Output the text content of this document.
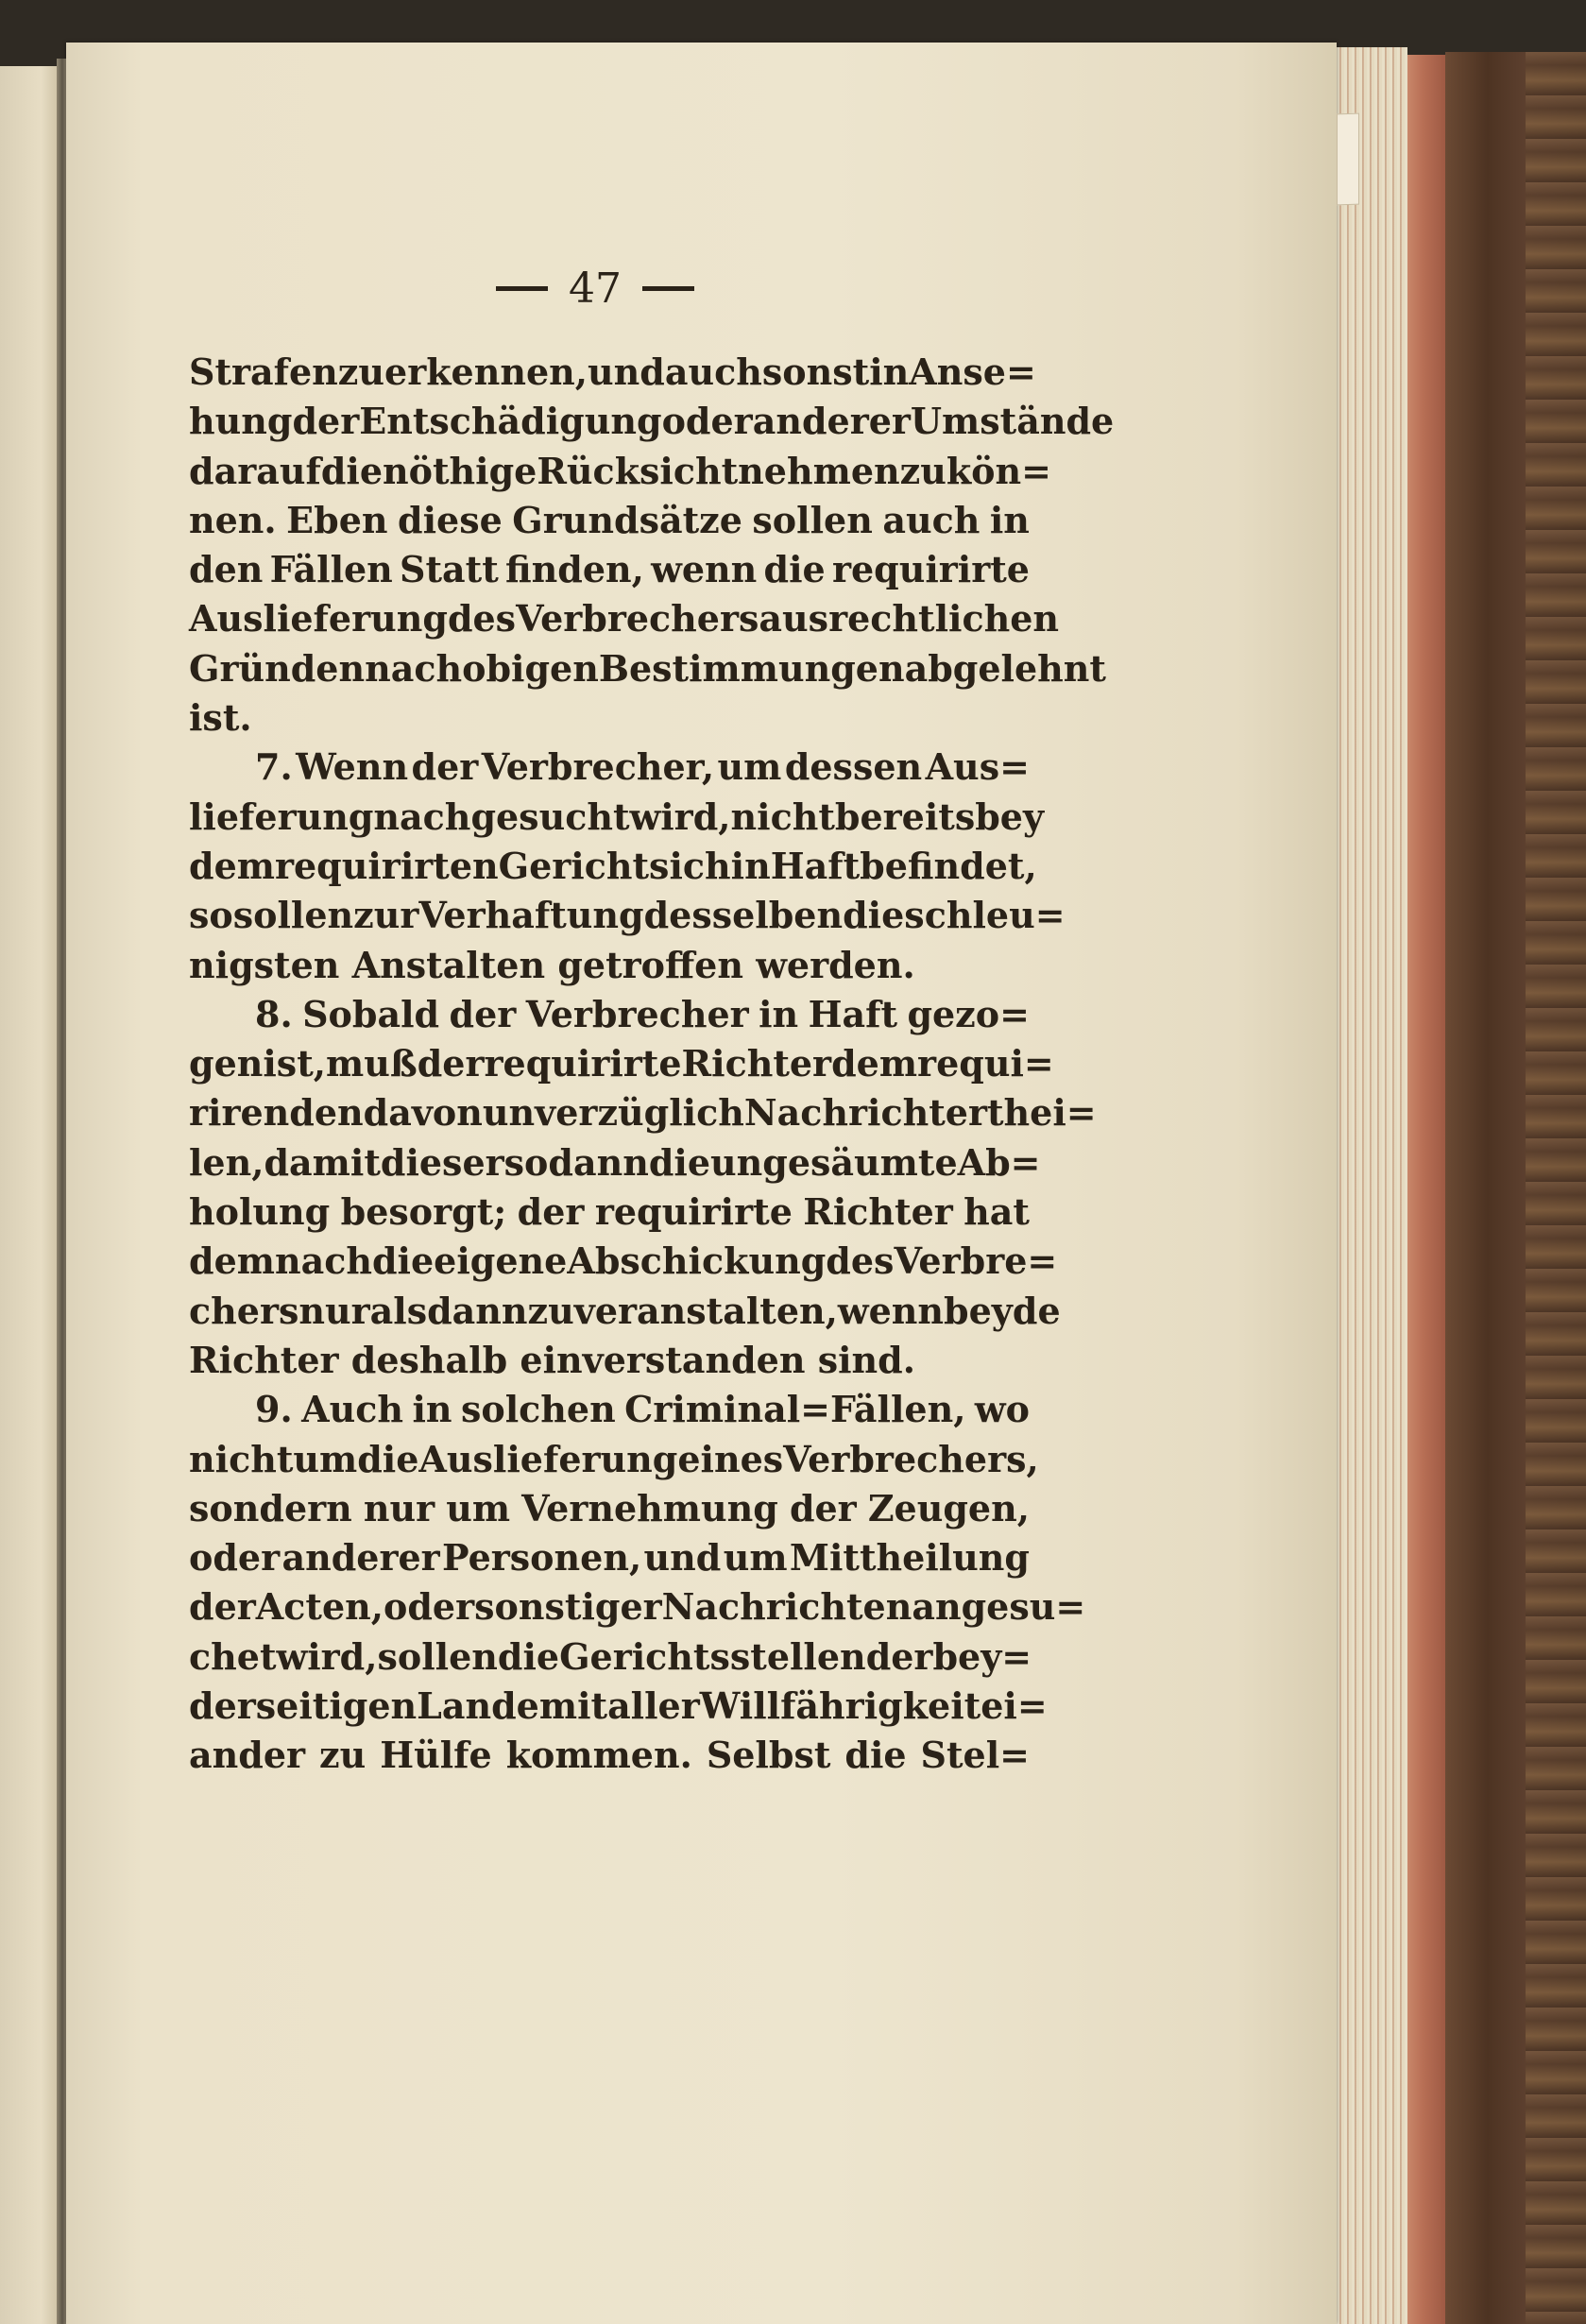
47
Strafen zu erkennen, und auch sonst in Anse=
hung der Entschädigung oder anderer Umstände
darauf die nöthige Rücksicht nehmen zu kön=
nen. Eben diese Grundsätze sollen auch in
den Fällen Statt finden, wenn die requirirte
Auslieferung des Verbrechers aus rechtlichen
Gründen nach obigen Bestimmungen abgelehnt
ist.
7. Wenn der Verbrecher, um dessen Aus=
lieferung nachgesucht wird, nicht bereits bey
dem requirirten Gericht sich in Haft befindet,
so sollen zur Verhaftung desselben die schleu=
nigsten Anstalten getroffen werden.
8. Sobald der Verbrecher in Haft gezo=
gen ist, muß der requirirte Richter dem requi=
rirenden davon unverzüglich Nachricht erthei=
len, damit dieser sodann die ungesäumte Ab=
holung besorgt; der requirirte Richter hat
demnach die eigene Abschickung des Verbre=
chers nur alsdann zu veranstalten, wenn beyde
Richter deshalb einverstanden sind.
9. Auch in solchen Criminal=Fällen, wo
nicht um die Auslieferung eines Verbrechers,
sondern nur um Vernehmung der Zeugen,
oder anderer Personen, und um Mittheilung
der Acten, oder sonstiger Nachrichten angesu=
chet wird, sollen die Gerichtsstellen der bey=
derseitigen Lande mit aller Willfährigkeit ei=
ander zu Hülfe kommen. Selbst die Stel=
